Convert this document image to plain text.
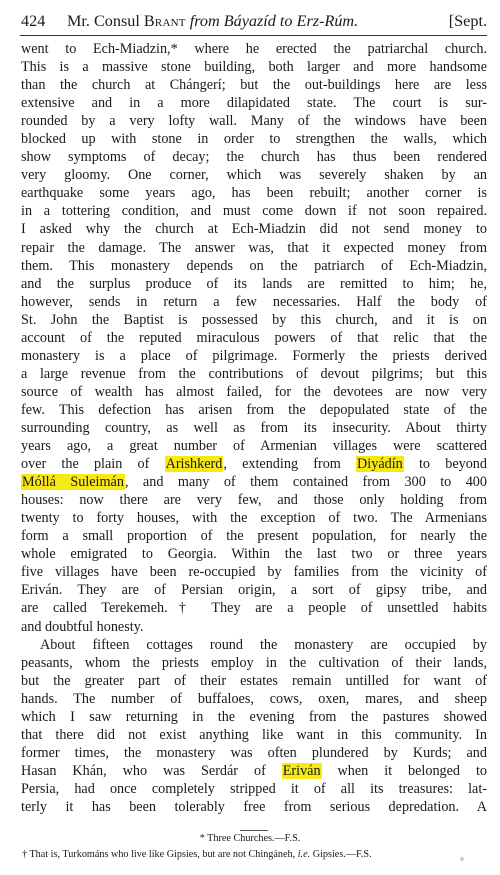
424 Mr. Consul Brant from Báyazíd to Erz-Rúm.	[Sept.
went to Ech-Miadzin,* where he erected the patriarchal church.
This is a massive stone building, both larger and more handsome
than the church at Chángerí; but the out-buildings here are less
extensive and in a more dilapidated state. The court is sur-
rounded by a very lofty wall. Many of the windows have been
blocked up with stone in order to strengthen the walls, which
show symptoms of decay; the church has thus been rendered
very gloomy. One corner, which was severely shaken by an
earthquake some years ago, has been rebuilt; another corner is
in a tottering condition, and must come down if not soon repaired.
I asked why the church at Ech-Miadzin did not send money to
repair the damage. The answer was, that it expected money from
them. This monastery depends on the patriarch of Ech-Miadzin,
and the surplus produce of its lands are remitted to him; he,
however, sends in return a few necessaries. Half the body of
St. John the Baptist is possessed by this church, and it is on
account of the reputed miraculous powers of that relic that the
monastery is a place of pilgrimage. Formerly the priests derived
a large revenue from the contributions of devout pilgrims; but this
source of wealth has almost failed, for the devotees are now very
few. This defection has arisen from the depopulated state of the
surrounding country, as well as from its insecurity. About thirty
years ago, a great number of Armenian villages were scattered
over the plain of Arishkerd, extending from Diyádín to beyond
Móllá Suleimán, and many of them contained from 300 to 400
houses: now there are very few, and those only holding from
twenty to forty houses, with the exception of two. The Armenians
form a small proportion of the present population, for nearly the
whole emigrated to Georgia. Within the last two or three years
five villages have been re-occupied by families from the vicinity of
Eriván. They are of Persian origin, a sort of gipsy tribe, and
are called Terekemeh.† They are a people of unsettled habits
and doubtful honesty.
About fifteen cottages round the monastery are occupied by
peasants, whom the priests employ in the cultivation of their lands,
but the greater part of their estates remain untilled for want of
hands. The number of buffaloes, cows, oxen, mares, and sheep
which I saw returning in the evening from the pastures showed
that there did not exist anything like want in this community. In
former times, the monastery was often plundered by Kurds; and
Hasan Khán, who was Serdár of Eriván when it belonged to
Persia, had once completely stripped it of all its treasures: lat-
terly it has been tolerably free from serious depredation. A
* Three Churches.—F.S.
† That is, Turkománs who live like Gipsies, but are not Chingáneh, i.e. Gipsies.—F.S.
